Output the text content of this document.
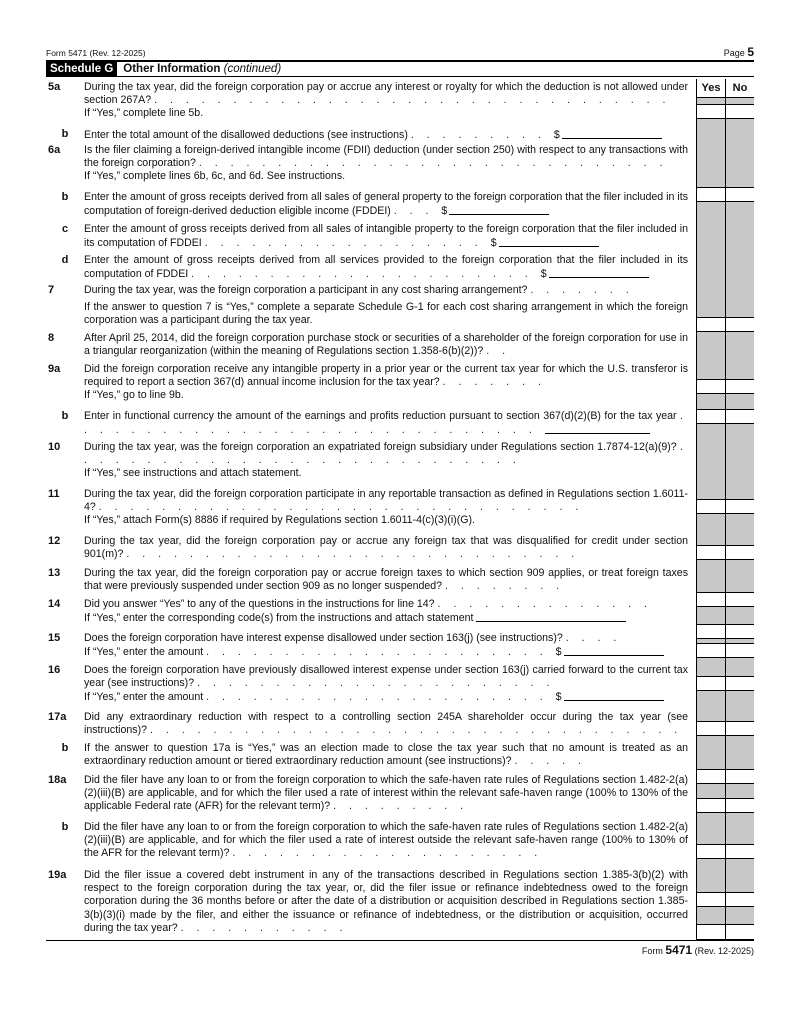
Form 5471 (Rev. 12-2025)	Page 5
Schedule G Other Information (continued)
Yes	No
5a	During the tax year, did the foreign corporation pay or accrue any interest or royalty for which the deduction is not allowed under section 267A? . . . . . . . . . . . . . . . . . . . . . . . . . . . . . . . . .
If “Yes,” complete line 5b.
b	Enter the total amount of the disallowed deductions (see instructions) . . . . . . . . . $
6a	Is the filer claiming a foreign-derived intangible income (FDII) deduction (under section 250) with respect to any transactions with the foreign corporation? . . . . . . . . . . . . . . . . . . . . . . . . . . . . . .
If “Yes,” complete lines 6b, 6c, and 6d. See instructions.
b	Enter the amount of gross receipts derived from all sales of general property to the foreign corporation that the filer included in its computation of foreign-derived deduction eligible income (FDDEI) . . . $
c	Enter the amount of gross receipts derived from all sales of intangible property to the foreign corporation that the filer included in its computation of FDDEI . . . . . . . . . . . . . . . . . . $
d	Enter the amount of gross receipts derived from all services provided to the foreign corporation that the filer included in its computation of FDDEI . . . . . . . . . . . . . . . . . . . . . . $
7	During the tax year, was the foreign corporation a participant in any cost sharing arrangement? . . . . . . .
If the answer to question 7 is “Yes,” complete a separate Schedule G-1 for each cost sharing arrangement in which the foreign corporation was a participant during the tax year.
8	After April 25, 2014, did the foreign corporation purchase stock or securities of a shareholder of the foreign corporation for use in a triangular reorganization (within the meaning of Regulations section 1.358-6(b)(2))? . .
9a	Did the foreign corporation receive any intangible property in a prior year or the current tax year for which the U.S. transferor is required to report a section 367(d) annual income inclusion for the tax year? . . . . . . .
If “Yes,” go to line 9b.
b	Enter in functional currency the amount of the earnings and profits reduction pursuant to section 367(d)(2)(B) for the tax year . . . . . . . . . . . . . . . . . . . . . . . . . . . . . .
10	During the tax year, was the foreign corporation an expatriated foreign subsidiary under Regulations section 1.7874-12(a)(9)? . . . . . . . . . . . . . . . . . . . . . . . . . . . . .
If “Yes,” see instructions and attach statement.
11	During the tax year, did the foreign corporation participate in any reportable transaction as defined in Regulations section 1.6011-4? . . . . . . . . . . . . . . . . . . . . . . . . . . . . . . .
If “Yes,” attach Form(s) 8886 if required by Regulations section 1.6011-4(c)(3)(i)(G).
12	During the tax year, did the foreign corporation pay or accrue any foreign tax that was disqualified for credit under section 901(m)? . . . . . . . . . . . . . . . . . . . . . . . . . . . . .
13	During the tax year, did the foreign corporation pay or accrue foreign taxes to which section 909 applies, or treat foreign taxes that were previously suspended under section 909 as no longer suspended? . . . . . . . .
14	Did you answer “Yes” to any of the questions in the instructions for line 14? . . . . . . . . . . . . . .
If “Yes,” enter the corresponding code(s) from the instructions and attach statement
15	Does the foreign corporation have interest expense disallowed under section 163(j) (see instructions)? . . . .
If “Yes,” enter the amount . . . . . . . . . . . . . . . . . . . . . . $
16	Does the foreign corporation have previously disallowed interest expense under section 163(j) carried forward to the current tax year (see instructions)? . . . . . . . . . . . . . . . . . . . . . . .
If “Yes,” enter the amount . . . . . . . . . . . . . . . . . . . . . . $
17a	Did any extraordinary reduction with respect to a controlling section 245A shareholder occur during the tax year (see instructions)? . . . . . . . . . . . . . . . . . . . . . . . . . . . . . . . . . .
b	If the answer to question 17a is “Yes,” was an election made to close the tax year such that no amount is treated as an extraordinary reduction amount or tiered extraordinary reduction amount (see instructions)? . . . . .
18a	Did the filer have any loan to or from the foreign corporation to which the safe-haven rate rules of Regulations section 1.482-2(a)(2)(iii)(B) are applicable, and for which the filer used a rate of interest within the relevant safe-haven range (100% to 130% of the applicable Federal rate (AFR) for the relevant term)? . . . . . . . . .
b	Did the filer have any loan to or from the foreign corporation to which the safe-haven rate rules of Regulations section 1.482-2(a)(2)(iii)(B) are applicable, and for which the filer used a rate of interest outside the relevant safe-haven range (100% to 130% of the AFR for the relevant term)? . . . . . . . . . . . . . . . . . . . .
19a	Did the filer issue a covered debt instrument in any of the transactions described in Regulations section 1.385-3(b)(2) with respect to the foreign corporation during the tax year, or, did the filer issue or refinance indebtedness owed to the foreign corporation during the 36 months before or after the date of a distribution or acquisition described in Regulations section 1.385-3(b)(3)(i) made by the filer, and either the issuance or refinance of indebtedness, or the distribution or acquisition, occurred during the tax year? . . . . . . . . . . .
Form 5471 (Rev. 12-2025)
